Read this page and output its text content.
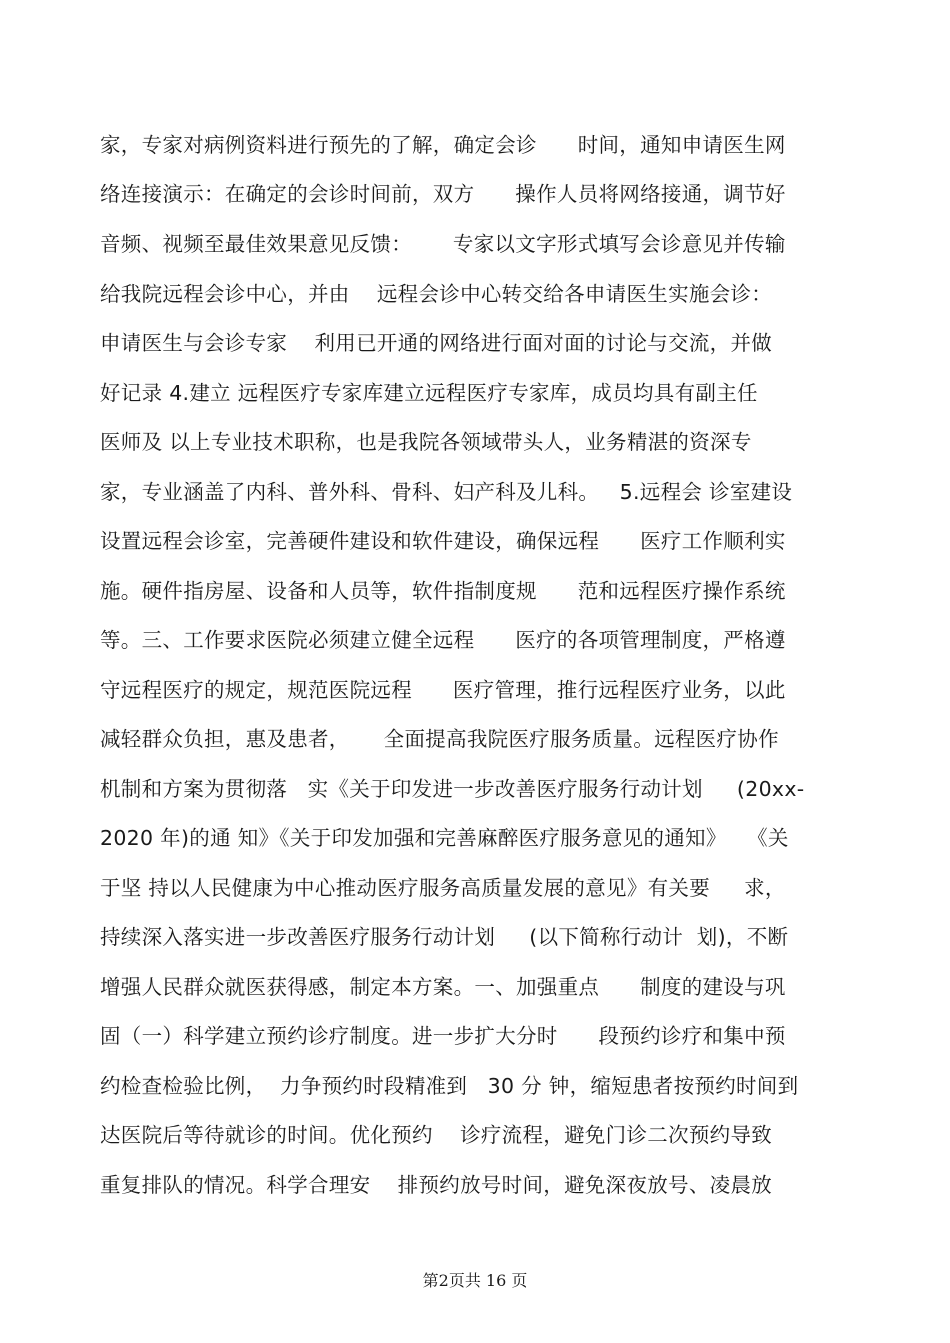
家，专家对病例资料进行预先的了解，确定会诊      时间，通知申请医生网
络连接演示：在确定的会诊时间前，双方      操作人员将网络接通，调节好
音频、视频至最佳效果意见反馈：      专家以文字形式填写会诊意见并传输
给我院远程会诊中心，并由    远程会诊中心转交给各申请医生实施会诊：
申请医生与会诊专家    利用已开通的网络进行面对面的讨论与交流，并做
好记录 4.建立 远程医疗专家库建立远程医疗专家库，成员均具有副主任
医师及 以上专业技术职称，也是我院各领域带头人，业务精湛的资深专
家，专业涵盖了内科、普外科、骨科、妇产科及儿科。   5.远程会 诊室建设
设置远程会诊室，完善硬件建设和软件建设，确保远程      医疗工作顺利实
施。硬件指房屋、设备和人员等，软件指制度规      范和远程医疗操作系统
等。三、工作要求医院必须建立健全远程      医疗的各项管理制度，严格遵
守远程医疗的规定，规范医院远程      医疗管理，推行远程医疗业务，以此
减轻群众负担，惠及患者，     全面提高我院医疗服务质量。远程医疗协作
机制和方案为贯彻落   实《关于印发进一步改善医疗服务行动计划     (20xx-
2020 年)的通 知》《关于印发加强和完善麻醉医疗服务意见的通知》   《关
于坚 持以人民健康为中心推动医疗服务高质量发展的意见》有关要     求，
持续深入落实进一步改善医疗服务行动计划     (以下简称行动计  划)，不断
增强人民群众就医获得感，制定本方案。一、加强重点      制度的建设与巩
固（一）科学建立预约诊疗制度。进一步扩大分时      段预约诊疗和集中预
约检查检验比例，  力争预约时段精准到   30 分 钟，缩短患者按预约时间到
达医院后等待就诊的时间。优化预约    诊疗流程，避免门诊二次预约导致
重复排队的情况。科学合理安    排预约放号时间，避免深夜放号、凌晨放
第2页共 16 页
